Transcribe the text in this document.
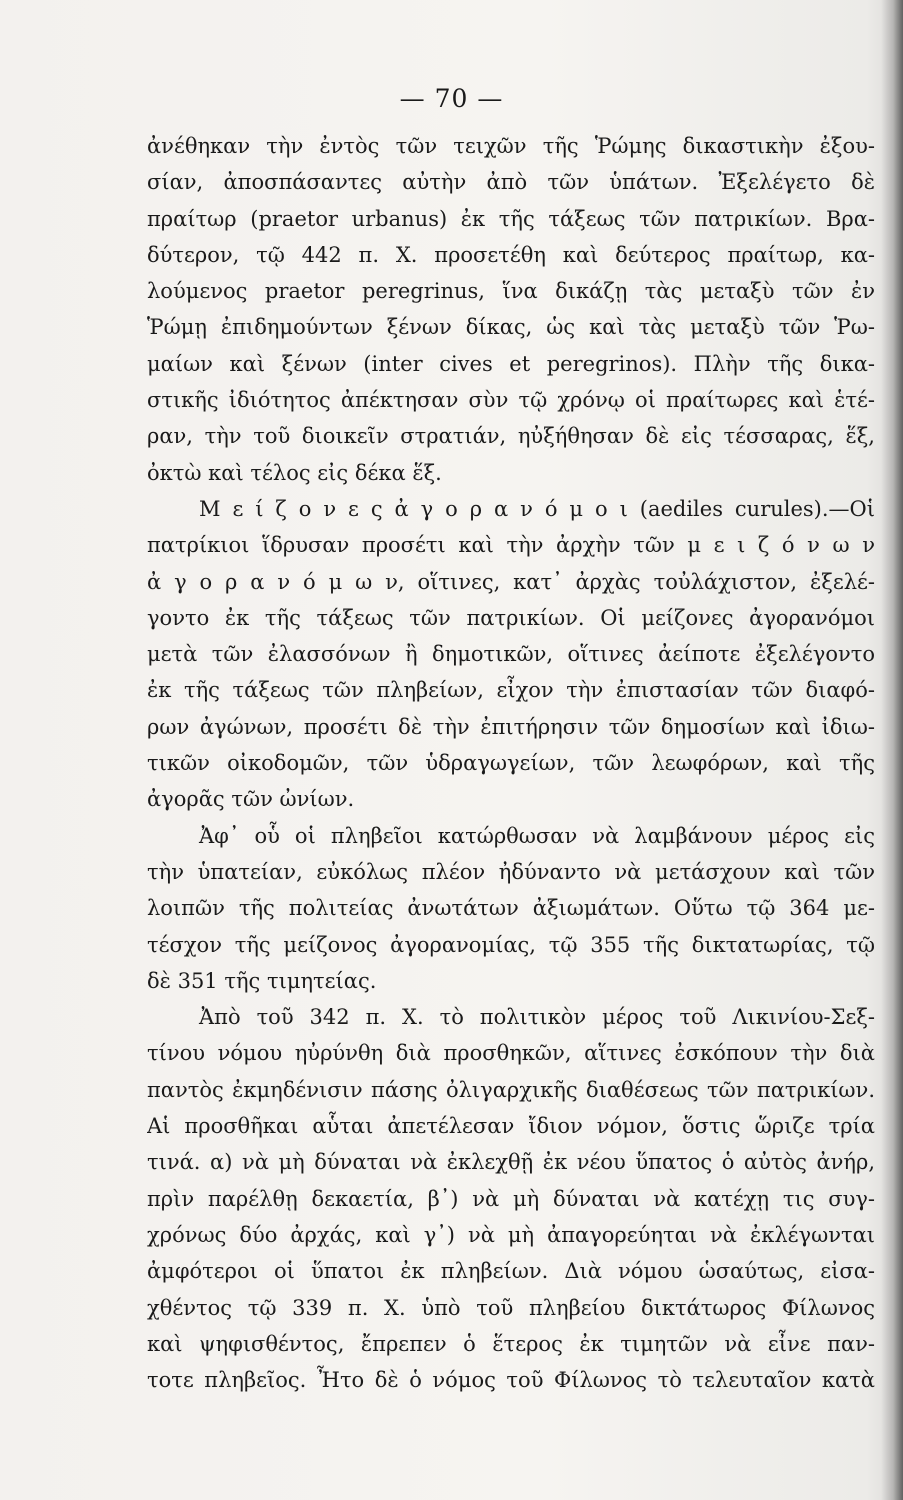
— 70 —
ἀνέθηκαν τὴν ἐντὸς τῶν τειχῶν τῆς Ῥώμης δικαστικὴν ἐξου-
σίαν, ἀποσπάσαντες αὐτὴν ἀπὸ τῶν ὑπάτων. Ἐξελέγετο δὲ
πραίτωρ (praetor urbanus) ἐκ τῆς τάξεως τῶν πατρικίων. Βρα-
δύτερον, τῷ 442 π. Χ. προσετέθη καὶ δεύτερος πραίτωρ, κα-
λούμενος praetor peregrinus, ἵνα δικάζῃ τὰς μεταξὺ τῶν ἐν
Ῥώμῃ ἐπιδημούντων ξένων δίκας, ὡς καὶ τὰς μεταξὺ τῶν Ῥω-
μαίων καὶ ξένων (inter cives et peregrinos). Πλὴν τῆς δικα-
στικῆς ἰδιότητος ἀπέκτησαν σὺν τῷ χρόνῳ οἱ πραίτωρες καὶ ἑτέ-
ραν, τὴν τοῦ διοικεῖν στρατιάν, ηὐξήθησαν δὲ εἰς τέσσαρας, ἕξ,
ὀκτὼ καὶ τέλος εἰς δέκα ἕξ.
Μ ε ί ζ ο ν ε ς ἀ γ ο ρ α ν ό μ ο ι (aediles curules).—Οἱ
πατρίκιοι ἵδρυσαν προσέτι καὶ τὴν ἀρχὴν τῶν μ ε ι ζ ό ν ω ν
ἀ γ ο ρ α ν ό μ ω ν, οἵτινες, κατ᾽ ἀρχὰς τοὐλάχιστον, ἐξελέ-
γοντο ἐκ τῆς τάξεως τῶν πατρικίων. Οἱ μείζονες ἀγορανόμοι
μετὰ τῶν ἐλασσόνων ἢ δημοτικῶν, οἵτινες ἀείποτε ἐξελέγοντο
ἐκ τῆς τάξεως τῶν πληβείων, εἶχον τὴν ἐπιστασίαν τῶν διαφό-
ρων ἀγώνων, προσέτι δὲ τὴν ἐπιτήρησιν τῶν δημοσίων καὶ ἰδιω-
τικῶν οἰκοδομῶν, τῶν ὑδραγωγείων, τῶν λεωφόρων, καὶ τῆς
ἀγορᾶς τῶν ὠνίων.
Ἀφ᾽ οὗ οἱ πληβεῖοι κατώρθωσαν νὰ λαμβάνουν μέρος εἰς
τὴν ὑπατείαν, εὐκόλως πλέον ἠδύναντο νὰ μετάσχουν καὶ τῶν
λοιπῶν τῆς πολιτείας ἀνωτάτων ἀξιωμάτων. Οὕτω τῷ 364 με-
τέσχον τῆς μείζονος ἀγορανομίας, τῷ 355 τῆς δικτατωρίας, τῷ
δὲ 351 τῆς τιμητείας.
Ἀπὸ τοῦ 342 π. Χ. τὸ πολιτικὸν μέρος τοῦ Λικινίου-Σεξ-
τίνου νόμου ηὐρύνθη διὰ προσθηκῶν, αἵτινες ἐσκόπουν τὴν διὰ
παντὸς ἐκμηδένισιν πάσης ὀλιγαρχικῆς διαθέσεως τῶν πατρικίων.
Αἱ προσθῆκαι αὗται ἀπετέλεσαν ἴδιον νόμον, ὅστις ὥριζε τρία
τινά. α) νὰ μὴ δύναται νὰ ἐκλεχθῇ ἐκ νέου ὕπατος ὁ αὐτὸς ἀνήρ,
πρὶν παρέλθῃ δεκαετία, β᾽) νὰ μὴ δύναται νὰ κατέχῃ τις συγ-
χρόνως δύο ἀρχάς, καὶ γ᾽) νὰ μὴ ἀπαγορεύηται νὰ ἐκλέγωνται
ἀμφότεροι οἱ ὕπατοι ἐκ πληβείων. Διὰ νόμου ὡσαύτως, εἰσα-
χθέντος τῷ 339 π. Χ. ὑπὸ τοῦ πληβείου δικτάτωρος Φίλωνος
καὶ ψηφισθέντος, ἔπρεπεν ὁ ἕτερος ἐκ τιμητῶν νὰ εἶνε παν-
τοτε πληβεῖος. Ἦτο δὲ ὁ νόμος τοῦ Φίλωνος τὸ τελευταῖον κατὰ
